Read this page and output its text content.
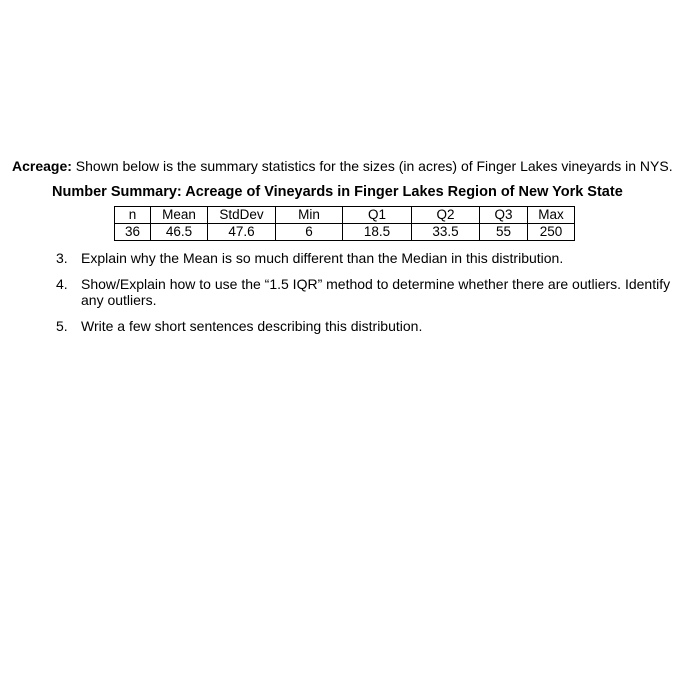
Acreage: Shown below is the summary statistics for the sizes (in acres) of Finger Lakes vineyards in NYS.
Number Summary: Acreage of Vineyards in Finger Lakes Region of New York State
n	Mean	StdDev	Min	Q1	Q2	Q3	Max
36	46.5	47.6	6	18.5	33.5	55	250
3. Explain why the Mean is so much different than the Median in this distribution.
4. Show/Explain how to use the “1.5 IQR” method to determine whether there are outliers. Identify any outliers.
5. Write a few short sentences describing this distribution.
